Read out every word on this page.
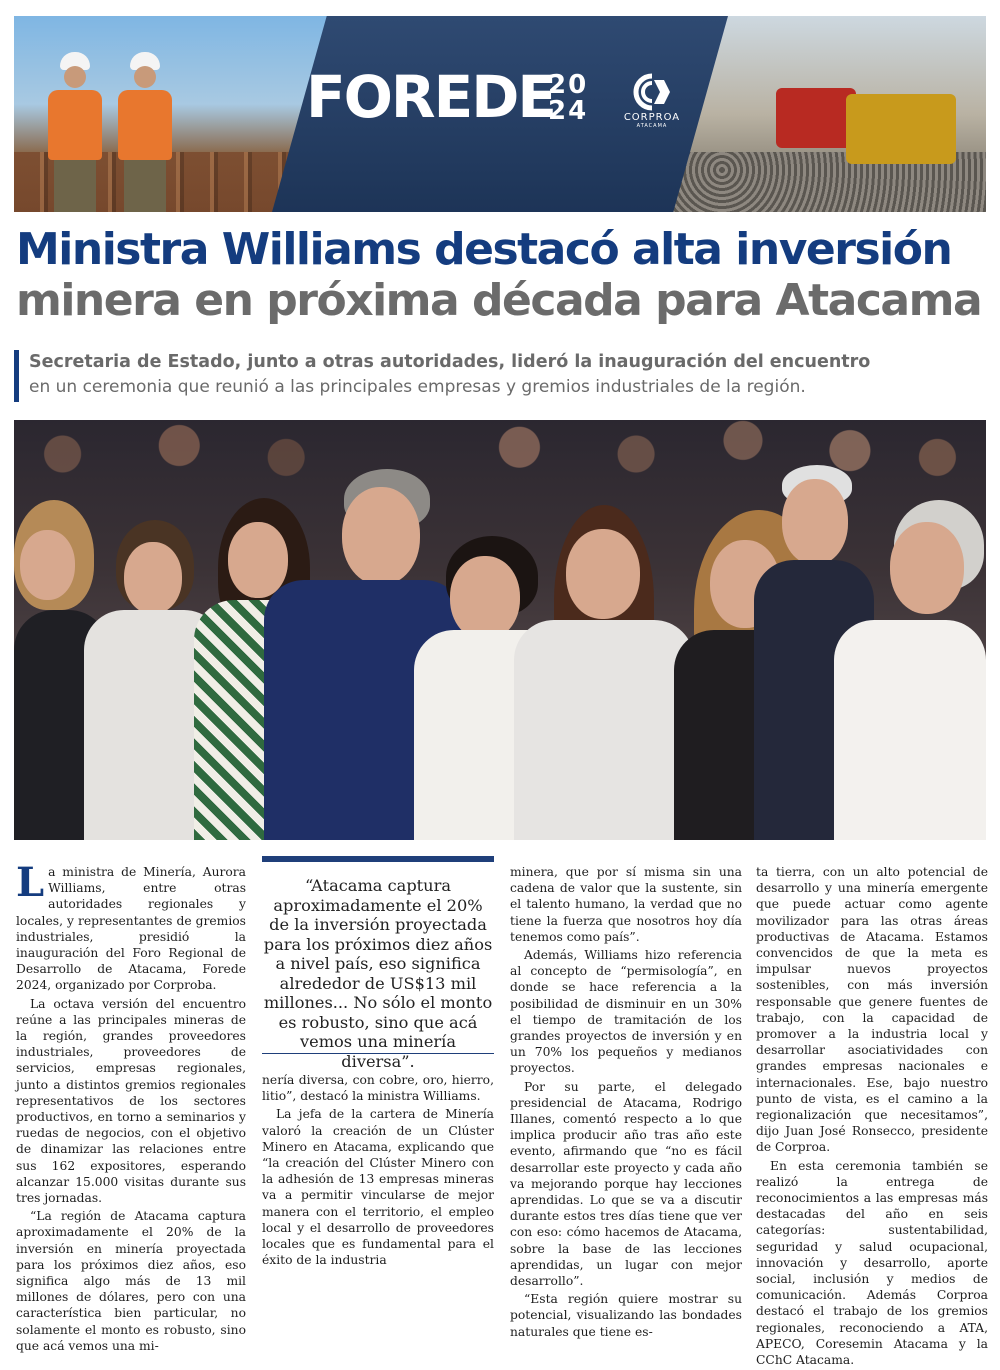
FOREDE
20
24	CORPROA
ATACAMA
Ministra Williams destacó alta inversión
minera en próxima década para Atacama
Secretaria de Estado, junto a otras autoridades, lideró la inauguración del encuentro
en un ceremonia que reunió a las principales empresas y gremios industriales de la región.

La ministra de Minería, Aurora Williams, entre otras autoridades regionales y locales, y representantes de gremios industriales, presidió la inauguración del Foro Regional de Desarrollo de Atacama, Forede 2024, organizado por Corproba.

La octava versión del encuentro reúne a las principales mineras de la región, grandes proveedores industriales, proveedores de servicios, empresas regionales, junto a distintos gremios regionales representativos de los sectores productivos, en torno a seminarios y ruedas de negocios, con el objetivo de dinamizar las relaciones entre sus 162 expositores, esperando alcanzar 15.000 visitas durante sus tres jornadas.

“La región de Atacama captura aproximadamente el 20% de la inversión en minería proyectada para los próximos diez años, eso significa algo más de 13 mil millones de dólares, pero con una característica bien particular, no solamente el monto es robusto, sino que acá vemos una mi-

“Atacama captura aproximadamente el 20% de la inversión proyectada para los próximos diez años a nivel país, eso significa alrededor de US$13 mil millones... No sólo el monto es robusto, sino que acá vemos una minería diversa”.

nería diversa, con cobre, oro, hierro, litio”, destacó la ministra Williams.

La jefa de la cartera de Minería valoró la creación de un Clúster Minero en Atacama, explicando que “la creación del Clúster Minero con la adhesión de 13 empresas mineras va a permitir vincularse de mejor manera con el territorio, el empleo local y el desarrollo de proveedores locales que es fundamental para el éxito de la industria

minera, que por sí misma sin una cadena de valor que la sustente, sin el talento humano, la verdad que no tiene la fuerza que nosotros hoy día tenemos como país”.

Además, Williams hizo referencia al concepto de “permisología”, en donde se hace referencia a la posibilidad de disminuir en un 30% el tiempo de tramitación de los grandes proyectos de inversión y en un 70% los pequeños y medianos proyectos.

Por su parte, el delegado presidencial de Atacama, Rodrigo Illanes, comentó respecto a lo que implica producir año tras año este evento, afirmando que “no es fácil desarrollar este proyecto y cada año va mejorando porque hay lecciones aprendidas. Lo que se va a discutir durante estos tres días tiene que ver con eso: cómo hacemos de Atacama, sobre la base de las lecciones aprendidas, un lugar con mejor desarrollo”.

“Esta región quiere mostrar su potencial, visualizando las bondades naturales que tiene es-

ta tierra, con un alto potencial de desarrollo y una minería emergente que puede actuar como agente movilizador para las otras áreas productivas de Atacama. Estamos convencidos de que la meta es impulsar nuevos proyectos sostenibles, con más inversión responsable que genere fuentes de trabajo, con la capacidad de promover a la industria local y desarrollar asociatividades con grandes empresas nacionales e internacionales. Ese, bajo nuestro punto de vista, es el camino a la regionalización que necesitamos”, dijo Juan José Ronsecco, presidente de Corproa.

En esta ceremonia también se realizó la entrega de reconocimientos a las empresas más destacadas del año en seis categorías: sustentabilidad, seguridad y salud ocupacional, innovación y desarrollo, aporte social, inclusión y medios de comunicación. Además Corproa destacó el trabajo de los gremios regionales, reconociendo a ATA, APECO, Coresemin Atacama y la CChC Atacama.
